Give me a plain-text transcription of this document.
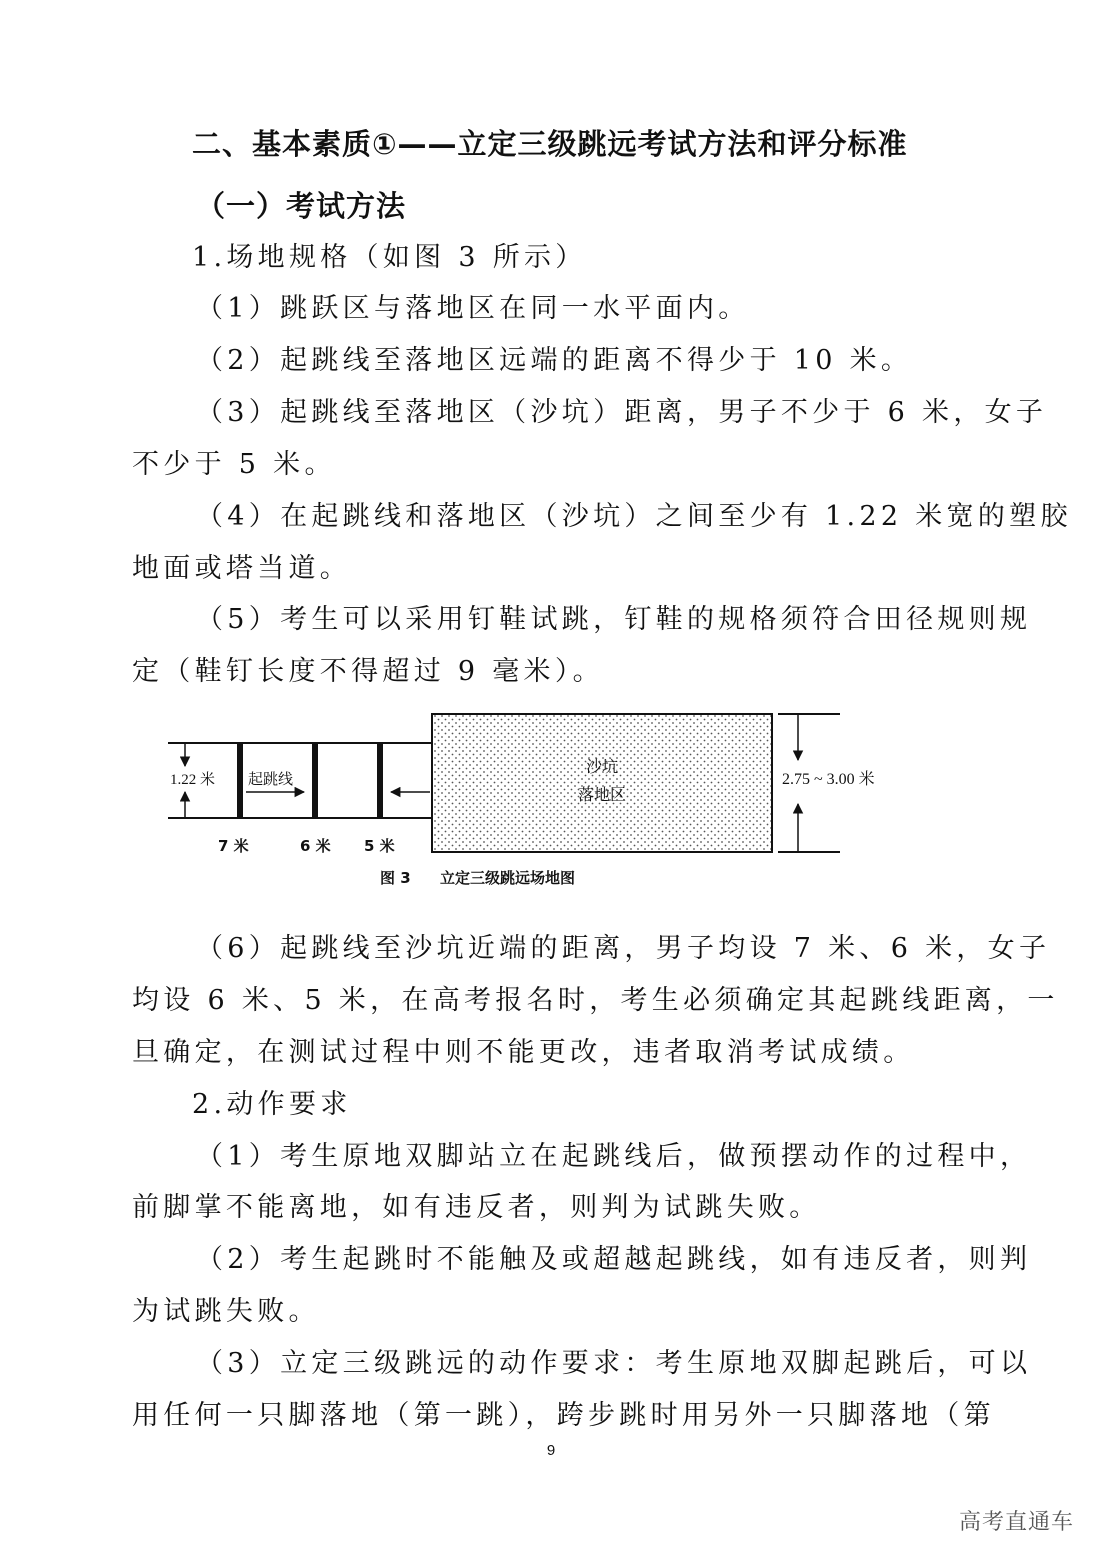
二、基本素质①——立定三级跳远考试方法和评分标准
（一）考试方法
1.场地规格（如图 3 所示）
（1）跳跃区与落地区在同一水平面内。
（2）起跳线至落地区远端的距离不得少于 10 米。
（3）起跳线至落地区（沙坑）距离，男子不少于 6 米，女子
不少于 5 米。
（4）在起跳线和落地区（沙坑）之间至少有 1.22 米宽的塑胶
地面或塔当道。
（5）考生可以采用钉鞋试跳，钉鞋的规格须符合田径规则规
定（鞋钉长度不得超过 9 毫米）。
1.22 米 起跳线
沙坑
落地区
2.75 ~ 3.00 米
7 米	6 米 5 米
图 3 立定三级跳远场地图
（6）起跳线至沙坑近端的距离，男子均设 7 米、6 米，女子
均设 6 米、5 米，在高考报名时，考生必须确定其起跳线距离，一
旦确定，在测试过程中则不能更改，违者取消考试成绩。
2.动作要求
（1）考生原地双脚站立在起跳线后，做预摆动作的过程中，
前脚掌不能离地，如有违反者，则判为试跳失败。
（2）考生起跳时不能触及或超越起跳线，如有违反者，则判
为试跳失败。
（3）立定三级跳远的动作要求：考生原地双脚起跳后，可以
用任何一只脚落地（第一跳），跨步跳时用另外一只脚落地（第
9
高考直通车
